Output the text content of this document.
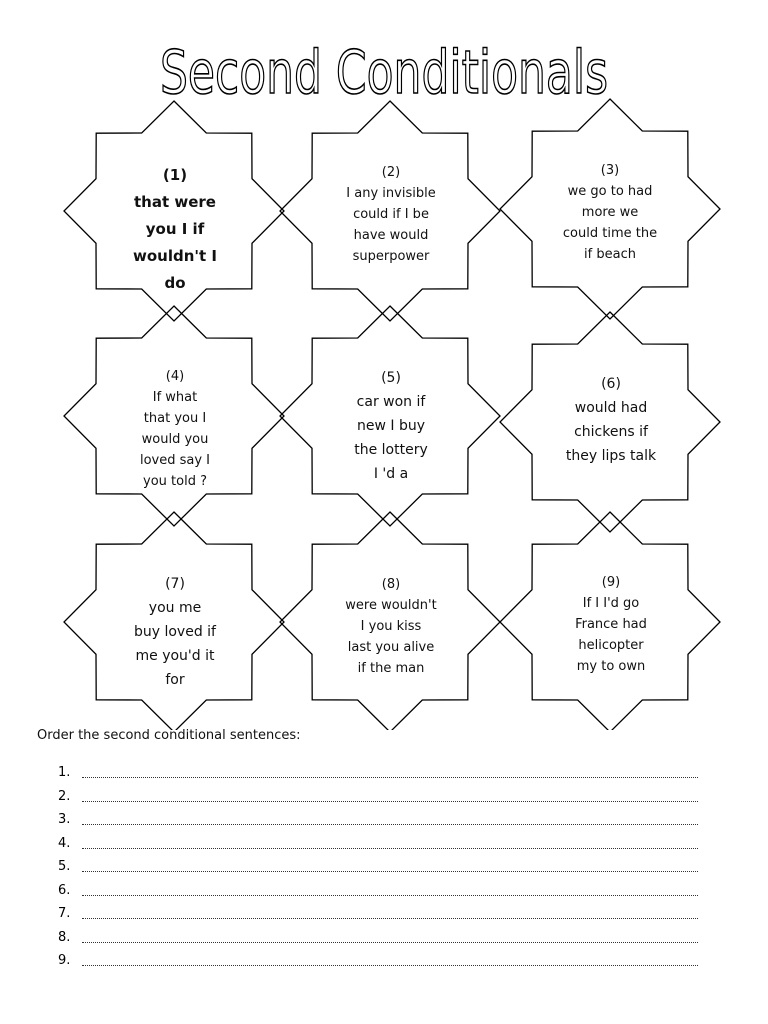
Second Conditionals
(1)
that were
you I if
wouldn't I
do
(2)
I any invisible
could if I be
have would
superpower
(3)
we go to had
more we
could time the
if beach
(4)
If what
that you I
would you
loved say I
you told ?
(5)
car won if
new I buy
the lottery
I 'd a
(6)
would had
chickens if
they lips talk
(7)
you me
buy loved if
me you'd it
for
(8)
were wouldn't
I you kiss
last you alive
if the man
(9)
If I I'd go
France had
helicopter
my to own
Order the second conditional sentences:
1.
2.
3.
4.
5.
6.
7.
8.
9.
